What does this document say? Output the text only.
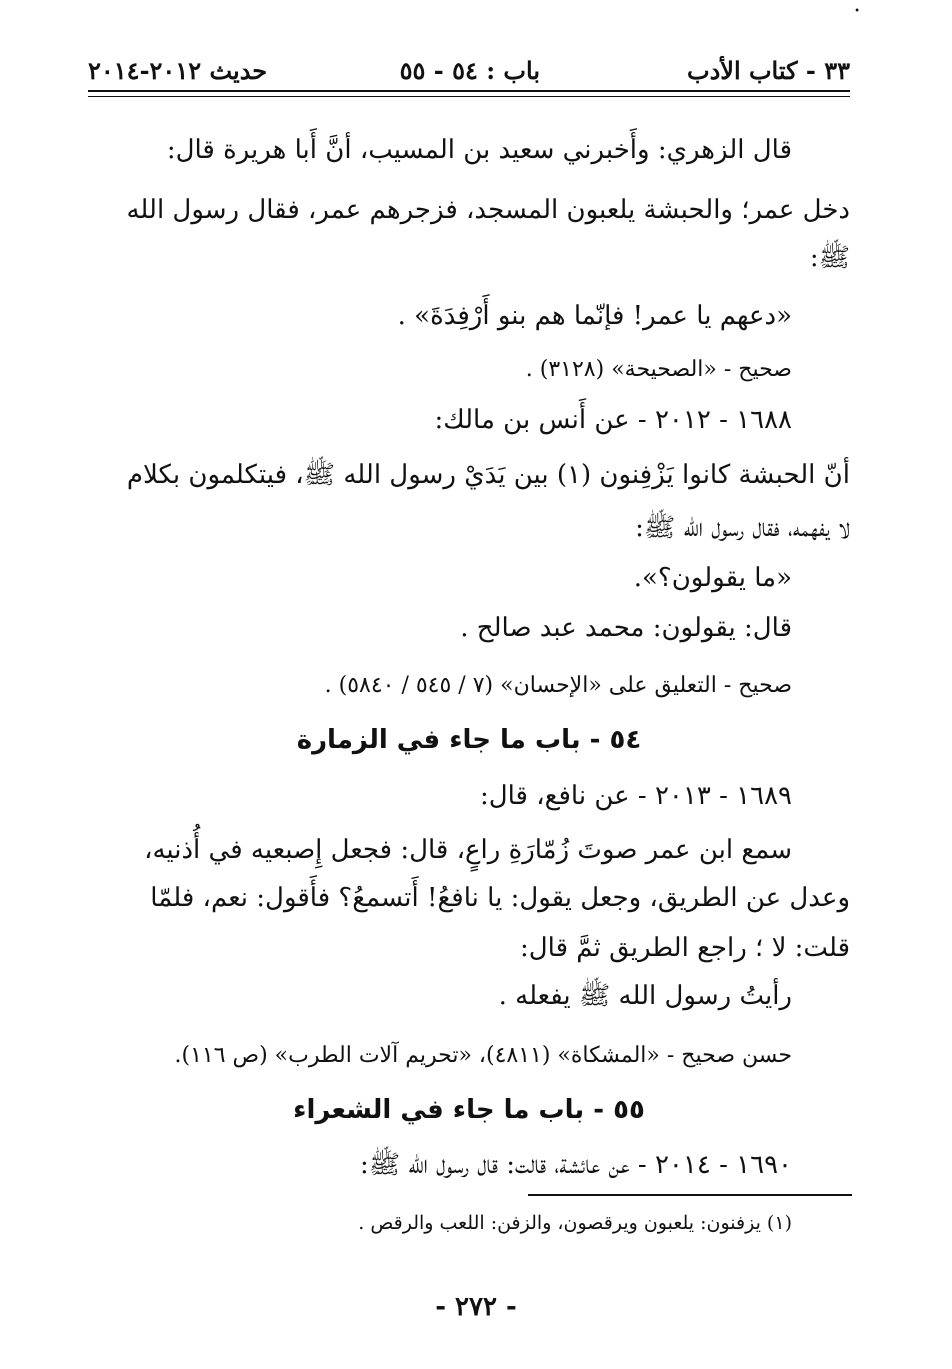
•
٣٣ - كتاب الأدب
باب : ٥٤ - ٥٥
حديث ٢٠١٢-٢٠١٤
قال الزهري: وأَخبرني سعيد بن المسيب، أنَّ أَبا هريرة قال:
دخل عمر؛ والحبشة يلعبون المسجد، فزجرهم عمر، فقال رسول الله
ﷺ:
«دعهم يا عمر! فإنّما هم بنو أَرْفِدَةَ» .
صحيح - «الصحيحة» (٣١٢٨) .
١٦٨٨ - ٢٠١٢ - عن أَنس بن مالك:
أنّ الحبشة كانوا يَزْفِنون (١) بين يَدَيْ رسول الله ﷺ، فيتكلمون بكلام
لا يفهمه، فقال رسول الله ﷺ:
«ما يقولون؟».
قال: يقولون: محمد عبد صالح .
صحيح - التعليق على «الإحسان» (٧ / ٥٤٥ / ٥٨٤٠) .
٥٤ - باب ما جاء في الزمارة
١٦٨٩ - ٢٠١٣ - عن نافع، قال:
سمع ابن عمر صوتَ زُمّارَةِ راعٍ، قال: فجعل إِصبعيه في أُذنيه،
وعدل عن الطريق، وجعل يقول: يا نافعُ! أَتسمعُ؟ فأَقول: نعم، فلمّا
قلت: لا ؛ راجع الطريق ثمَّ قال:
رأيتُ رسول الله ﷺ يفعله .
حسن صحيح - «المشكاة» (٤٨١١)، «تحريم آلات الطرب» (ص ١١٦).
٥٥ - باب ما جاء في الشعراء
١٦٩٠ - ٢٠١٤ - عن عائشة، قالت: قال رسول الله ﷺ:
(١) يزفنون: يلعبون ويرقصون، والزفن: اللعب والرقص .
- ٢٧٢ -
